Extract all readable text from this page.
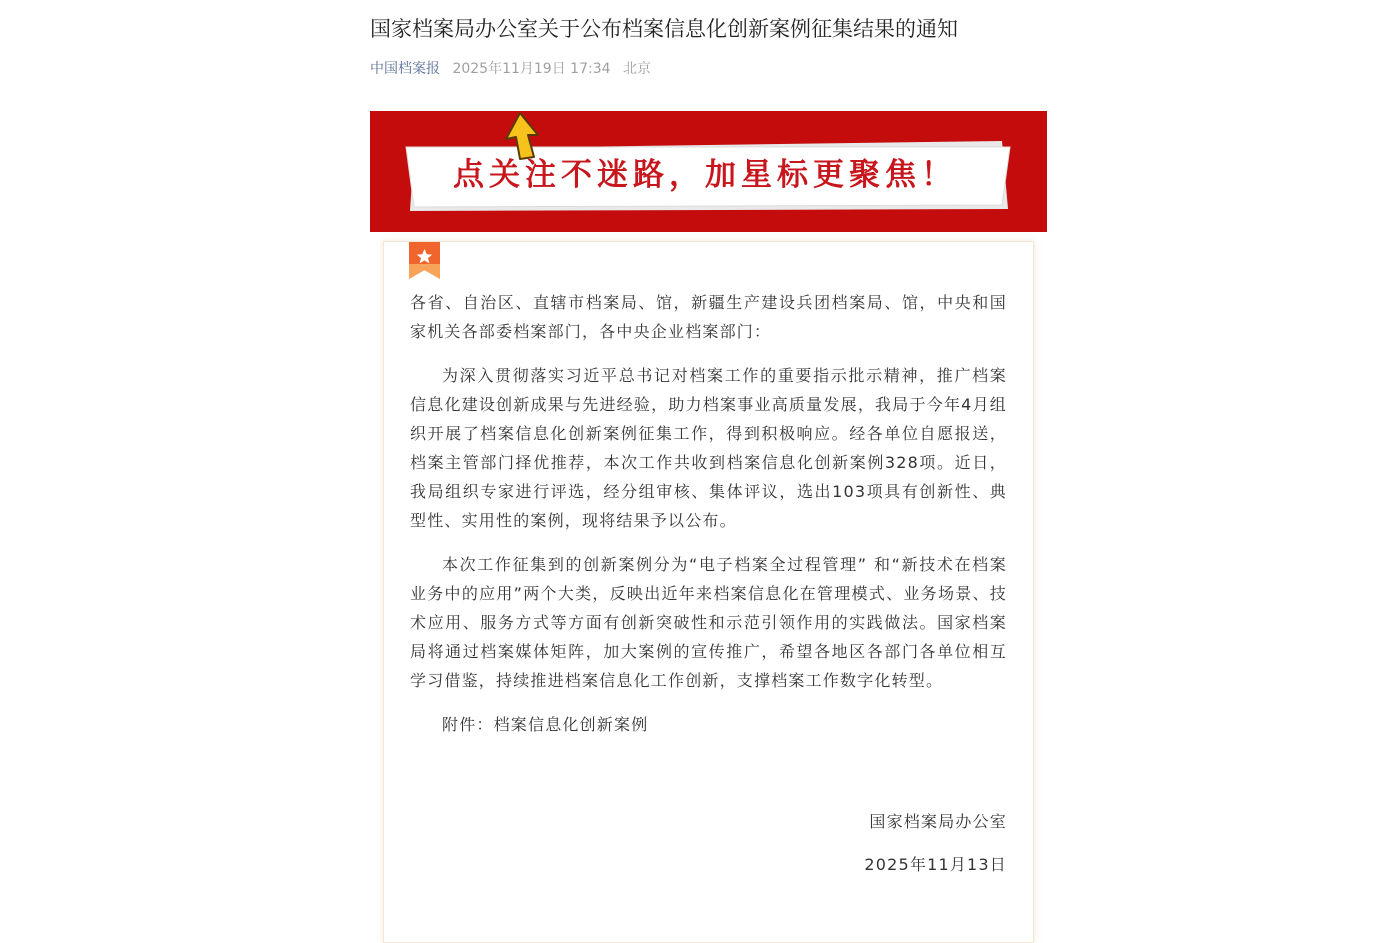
国家档案局办公室关于公布档案信息化创新案例征集结果的通知
中国档案报 2025年11月19日 17:34 北京
点关注不迷路，加星标更聚焦！

各省、自治区、直辖市档案局、馆，新疆生产建设兵团档案局、馆，中央和国家机关各部委档案部门，各中央企业档案部门：

为深入贯彻落实习近平总书记对档案工作的重要指示批示精神，推广档案信息化建设创新成果与先进经验，助力档案事业高质量发展，我局于今年4月组织开展了档案信息化创新案例征集工作，得到积极响应。经各单位自愿报送，档案主管部门择优推荐，本次工作共收到档案信息化创新案例328项。近日，我局组织专家进行评选，经分组审核、集体评议，选出103项具有创新性、典型性、实用性的案例，现将结果予以公布。

本次工作征集到的创新案例分为“电子档案全过程管理” 和“新技术在档案业务中的应用”两个大类，反映出近年来档案信息化在管理模式、业务场景、技术应用、服务方式等方面有创新突破性和示范引领作用的实践做法。国家档案局将通过档案媒体矩阵，加大案例的宣传推广，希望各地区各部门各单位相互学习借鉴，持续推进档案信息化工作创新，支撑档案工作数字化转型。

附件：档案信息化创新案例

国家档案局办公室

2025年11月13日
